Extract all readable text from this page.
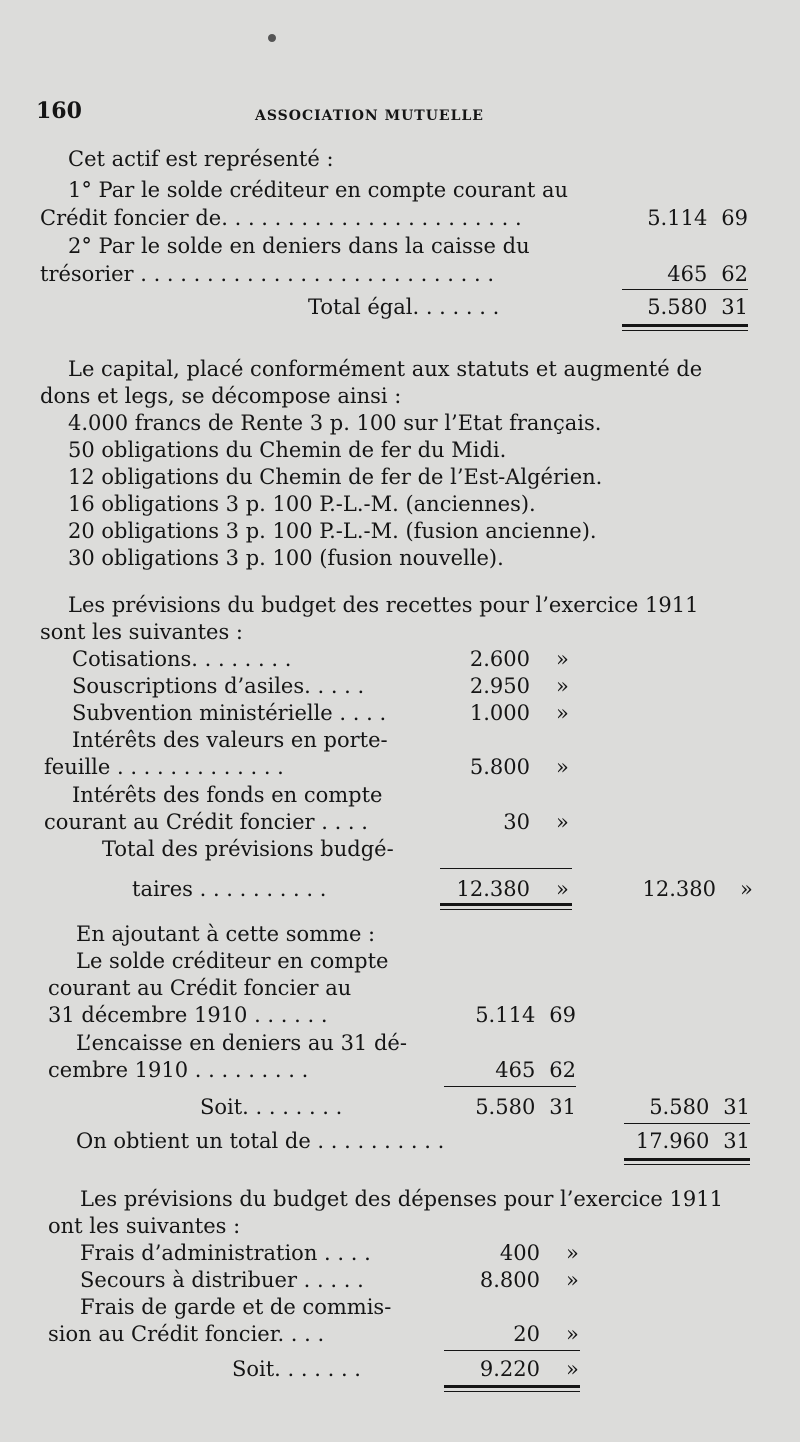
160	ASSOCIATION MUTUELLE
Cet actif est représenté :
1° Par le solde créditeur en compte courant au
Crédit foncier de. . . . . . . . . . . . . . . . . . . . . . .	5.114 69
2° Par le solde en deniers dans la caisse du
trésorier . . . . . . . . . . . . . . . . . . . . . . . . . . .	465 62
Total égal. . . . . . .	5.580 31
Le capital, placé conformément aux statuts et augmenté de
dons et legs, se décompose ainsi :
4.000 francs de Rente 3 p. 100 sur l’Etat français.
50 obligations du Chemin de fer du Midi.
12 obligations du Chemin de fer de l’Est-Algérien.
16 obligations 3 p. 100 P.-L.-M. (anciennes).
20 obligations 3 p. 100 P.-L.-M. (fusion ancienne).
30 obligations 3 p. 100 (fusion nouvelle).
Les prévisions du budget des recettes pour l’exercice 1911
sont les suivantes :
Cotisations. . . . . . . .	2.600 »
Souscriptions d’asiles. . . . .	2.950 »
Subvention ministérielle . . . .	1.000 »
Intérêts des valeurs en porte-
feuille . . . . . . . . . . . . .	5.800 »
Intérêts des fonds en compte
courant au Crédit foncier . . . .	30 »
Total des prévisions budgé-
taires . . . . . . . . . .	12.380 »	12.380 »
En ajoutant à cette somme :
Le solde créditeur en compte
courant au Crédit foncier au
31 décembre 1910 . . . . . .	5.114 69
L’encaisse en deniers au 31 dé-
cembre 1910 . . . . . . . . .	465 62
Soit. . . . . . . .	5.580 31	5.580 31
On obtient un total de . . . . . . . . . .	17.960 31
Les prévisions du budget des dépenses pour l’exercice 1911
ont les suivantes :
Frais d’administration . . . .	400 »
Secours à distribuer . . . . .	8.800 »
Frais de garde et de commis-
sion au Crédit foncier. . . .	20 »
Soit. . . . . . .	9.220 »
